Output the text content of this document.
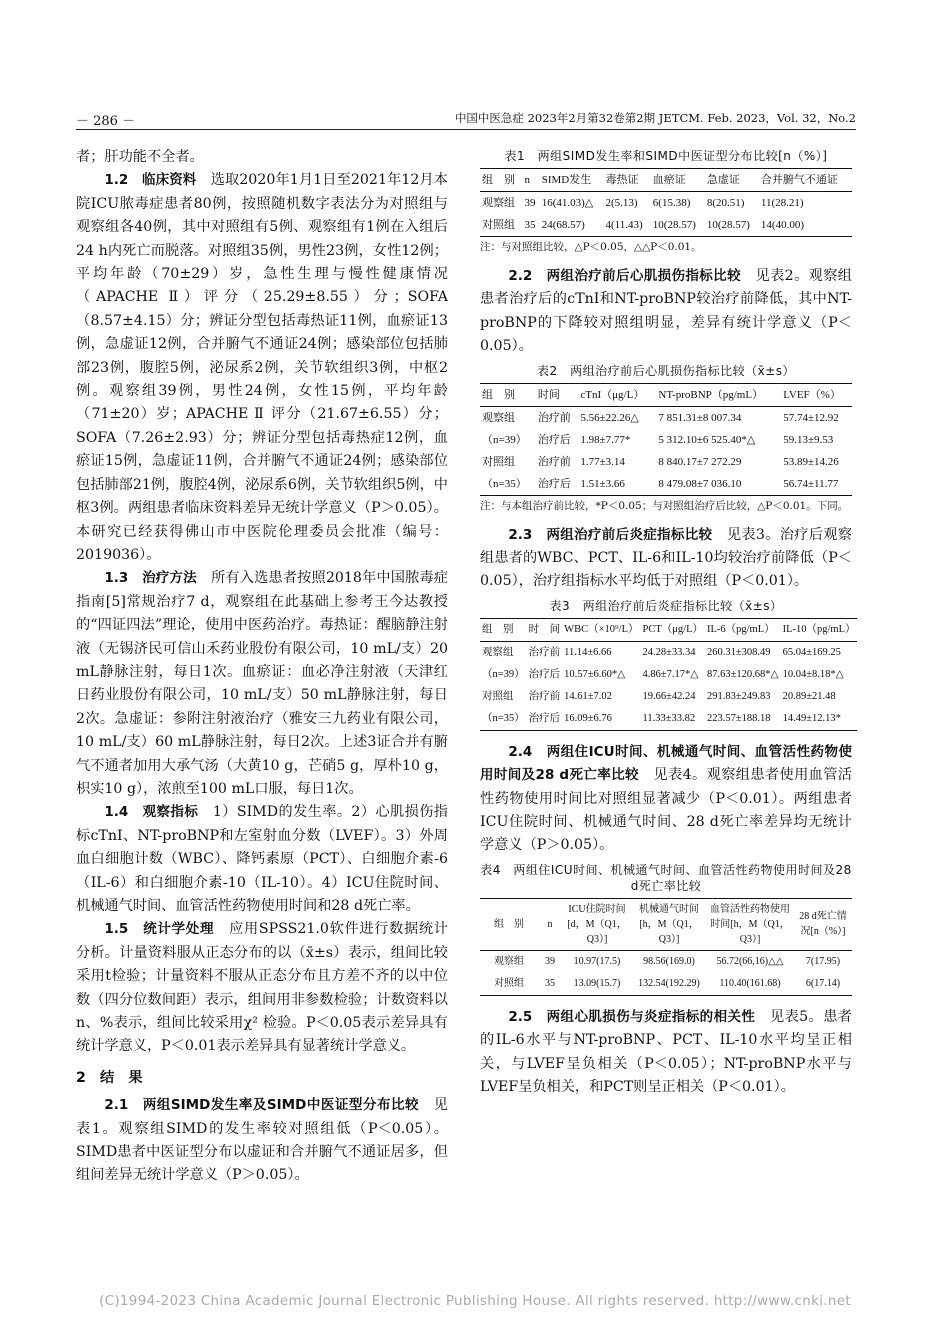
－ 286 －	中国中医急症 2023年2月第32卷第2期 JETCM. Feb. 2023，Vol. 32，No.2

者；肝功能不全者。

1.2　临床资料　 选取2020年1月1日至2021年12月本院ICU脓毒症患者80例，按照随机数字表法分为对照组与观察组各40例，其中对照组有5例、观察组有1例在入组后24 h内死亡而脱落。对照组35例，男性23例，女性12例；平均年龄（70±29）岁，急性生理与慢性健康情况（APACHE Ⅱ）评分（25.29±8.55）分；SOFA（8.57±4.15）分；辨证分型包括毒热证11例，血瘀证13例，急虚证12例，合并腑气不通证24例；感染部位包括肺部23例，腹腔5例，泌尿系2例，关节软组织3例，中枢2例。观察组39例，男性24例，女性15例，平均年龄（71±20）岁；APACHE Ⅱ 评分（21.67±6.55）分；SOFA（7.26±2.93）分；辨证分型包括毒热症12例，血瘀证15例，急虚证11例，合并腑气不通证24例；感染部位包括肺部21例，腹腔4例，泌尿系6例，关节软组织5例，中枢3例。两组患者临床资料差异无统计学意义（P＞0.05）。本研究已经获得佛山市中医院伦理委员会批准（编号：2019036）。

1.3　治疗方法　 所有入选患者按照2018年中国脓毒症指南[5]常规治疗7 d，观察组在此基础上参考王今达教授的“四证四法”理论，使用中医药治疗。毒热证：醒脑静注射液（无锡济民可信山禾药业股份有限公司，10 mL/支）20 mL静脉注射，每日1次。血瘀证：血必净注射液（天津红日药业股份有限公司，10 mL/支）50 mL静脉注射，每日2次。急虚证：参附注射液治疗（雅安三九药业有限公司，10 mL/支）60 mL静脉注射，每日2次。上述3证合并有腑气不通者加用大承气汤（大黄10 g，芒硝5 g，厚朴10 g，枳实10 g），浓煎至100 mL口服，每日1次。

1.4　观察指标　 1）SIMD的发生率。2）心肌损伤指标cTnI、NT-proBNP和左室射血分数（LVEF）。3）外周血白细胞计数（WBC）、降钙素原（PCT）、白细胞介素-6（IL-6）和白细胞介素-10（IL-10）。4）ICU住院时间、机械通气时间、血管活性药物使用时间和28 d死亡率。

1.5　统计学处理　 应用SPSS21.0软件进行数据统计分析。计量资料服从正态分布的以（x̄±s）表示，组间比较采用t检验；计量资料不服从正态分布且方差不齐的以中位数（四分位数间距）表示，组间用非参数检验；计数资料以n、%表示，组间比较采用χ² 检验。P＜0.05表示差异具有统计学意义，P＜0.01表示差异具有显著统计学意义。

2　结　果

2.1　两组SIMD发生率及SIMD中医证型分布比较　 见表1。观察组SIMD的发生率较对照组低（P＜0.05）。SIMD患者中医证型分布以虚证和合并腑气不通证居多，但组间差异无统计学意义（P＞0.05）。

表1　两组SIMD发生率和SIMD中医证型分布比较[n（%）]
组　别	n	SIMD发生	毒热证	血瘀证	急虚证	合并腑气不通证
观察组	39	16(41.03)△	2(5.13)	6(15.38)	8(20.51)	11(28.21)
对照组	35	24(68.57)	4(11.43)	10(28.57)	10(28.57)	14(40.00)
注：与对照组比较，△P＜0.05，△△P＜0.01。

2.2　两组治疗前后心肌损伤指标比较　 见表2。观察组患者治疗后的cTnI和NT-proBNP较治疗前降低，其中NT-proBNP的下降较对照组明显，差异有统计学意义（P＜0.05）。

表2　两组治疗前后心肌损伤指标比较（x̄±s）
组　别	时间	cTnI（μg/L）	NT-proBNP（pg/mL）	LVEF（%）
观察组	治疗前	5.56±22.26△	7 851.31±8 007.34	57.74±12.92
（n=39）	治疗后	1.98±7.77*	5 312.10±6 525.40*△	59.13±9.53
对照组	治疗前	1.77±3.14	8 840.17±7 272.29	53.89±14.26
（n=35）	治疗后	1.51±3.66	8 479.08±7 036.10	56.74±11.77
注：与本组治疗前比较，*P＜0.05；与对照组治疗后比较，△P＜0.01。下同。

2.3　两组治疗前后炎症指标比较　 见表3。治疗后观察组患者的WBC、PCT、IL-6和IL-10均较治疗前降低（P＜0.05），治疗组指标水平均低于对照组（P＜0.01）。

表3　两组治疗前后炎症指标比较（x̄±s）
组　别	时　间	WBC（×10⁹/L）	PCT（μg/L）	IL-6（pg/mL）	IL-10（pg/mL）
观察组	治疗前	11.14±6.66	24.28±33.34	260.31±308.49	65.04±169.25
（n=39）	治疗后	10.57±6.60*△	4.86±7.17*△	87.63±120.68*△	10.04±8.18*△
对照组	治疗前	14.61±7.02	19.66±42.24	291.83±249.83	20.89±21.48
（n=35）	治疗后	16.09±6.76	11.33±33.82	223.57±188.18	14.49±12.13*

2.4　两组住ICU时间、机械通气时间、血管活性药物使用时间及28 d死亡率比较　 见表4。观察组患者使用血管活性药物使用时间比对照组显著减少（P＜0.01）。两组患者ICU住院时间、机械通气时间、28 d死亡率差异均无统计学意义（P＞0.05）。

表4　两组住ICU时间、机械通气时间、血管活性药物使用时间及28 d死亡率比较
组　别	n	ICU住院时间[d，M（Q1，Q3）]	机械通气时间[h，M（Q1，Q3）]	血管活性药物使用时间[h，M（Q1，Q3）]	28 d死亡情况[n（%）]
观察组	39	10.97(17.5)	98.56(169.0)	56.72(66,16)△△	7(17.95)
对照组	35	13.09(15.7)	132.54(192.29)	110.40(161.68)	6(17.14)

2.5　两组心肌损伤与炎症指标的相关性　 见表5。患者的IL-6水平与NT-proBNP、PCT、IL-10水平均呈正相关，与LVEF呈负相关（P＜0.05）；NT-proBNP水平与LVEF呈负相关，和PCT则呈正相关（P＜0.01）。

(C)1994-2023 China Academic Journal Electronic Publishing House. All rights reserved. http://www.cnki.net
